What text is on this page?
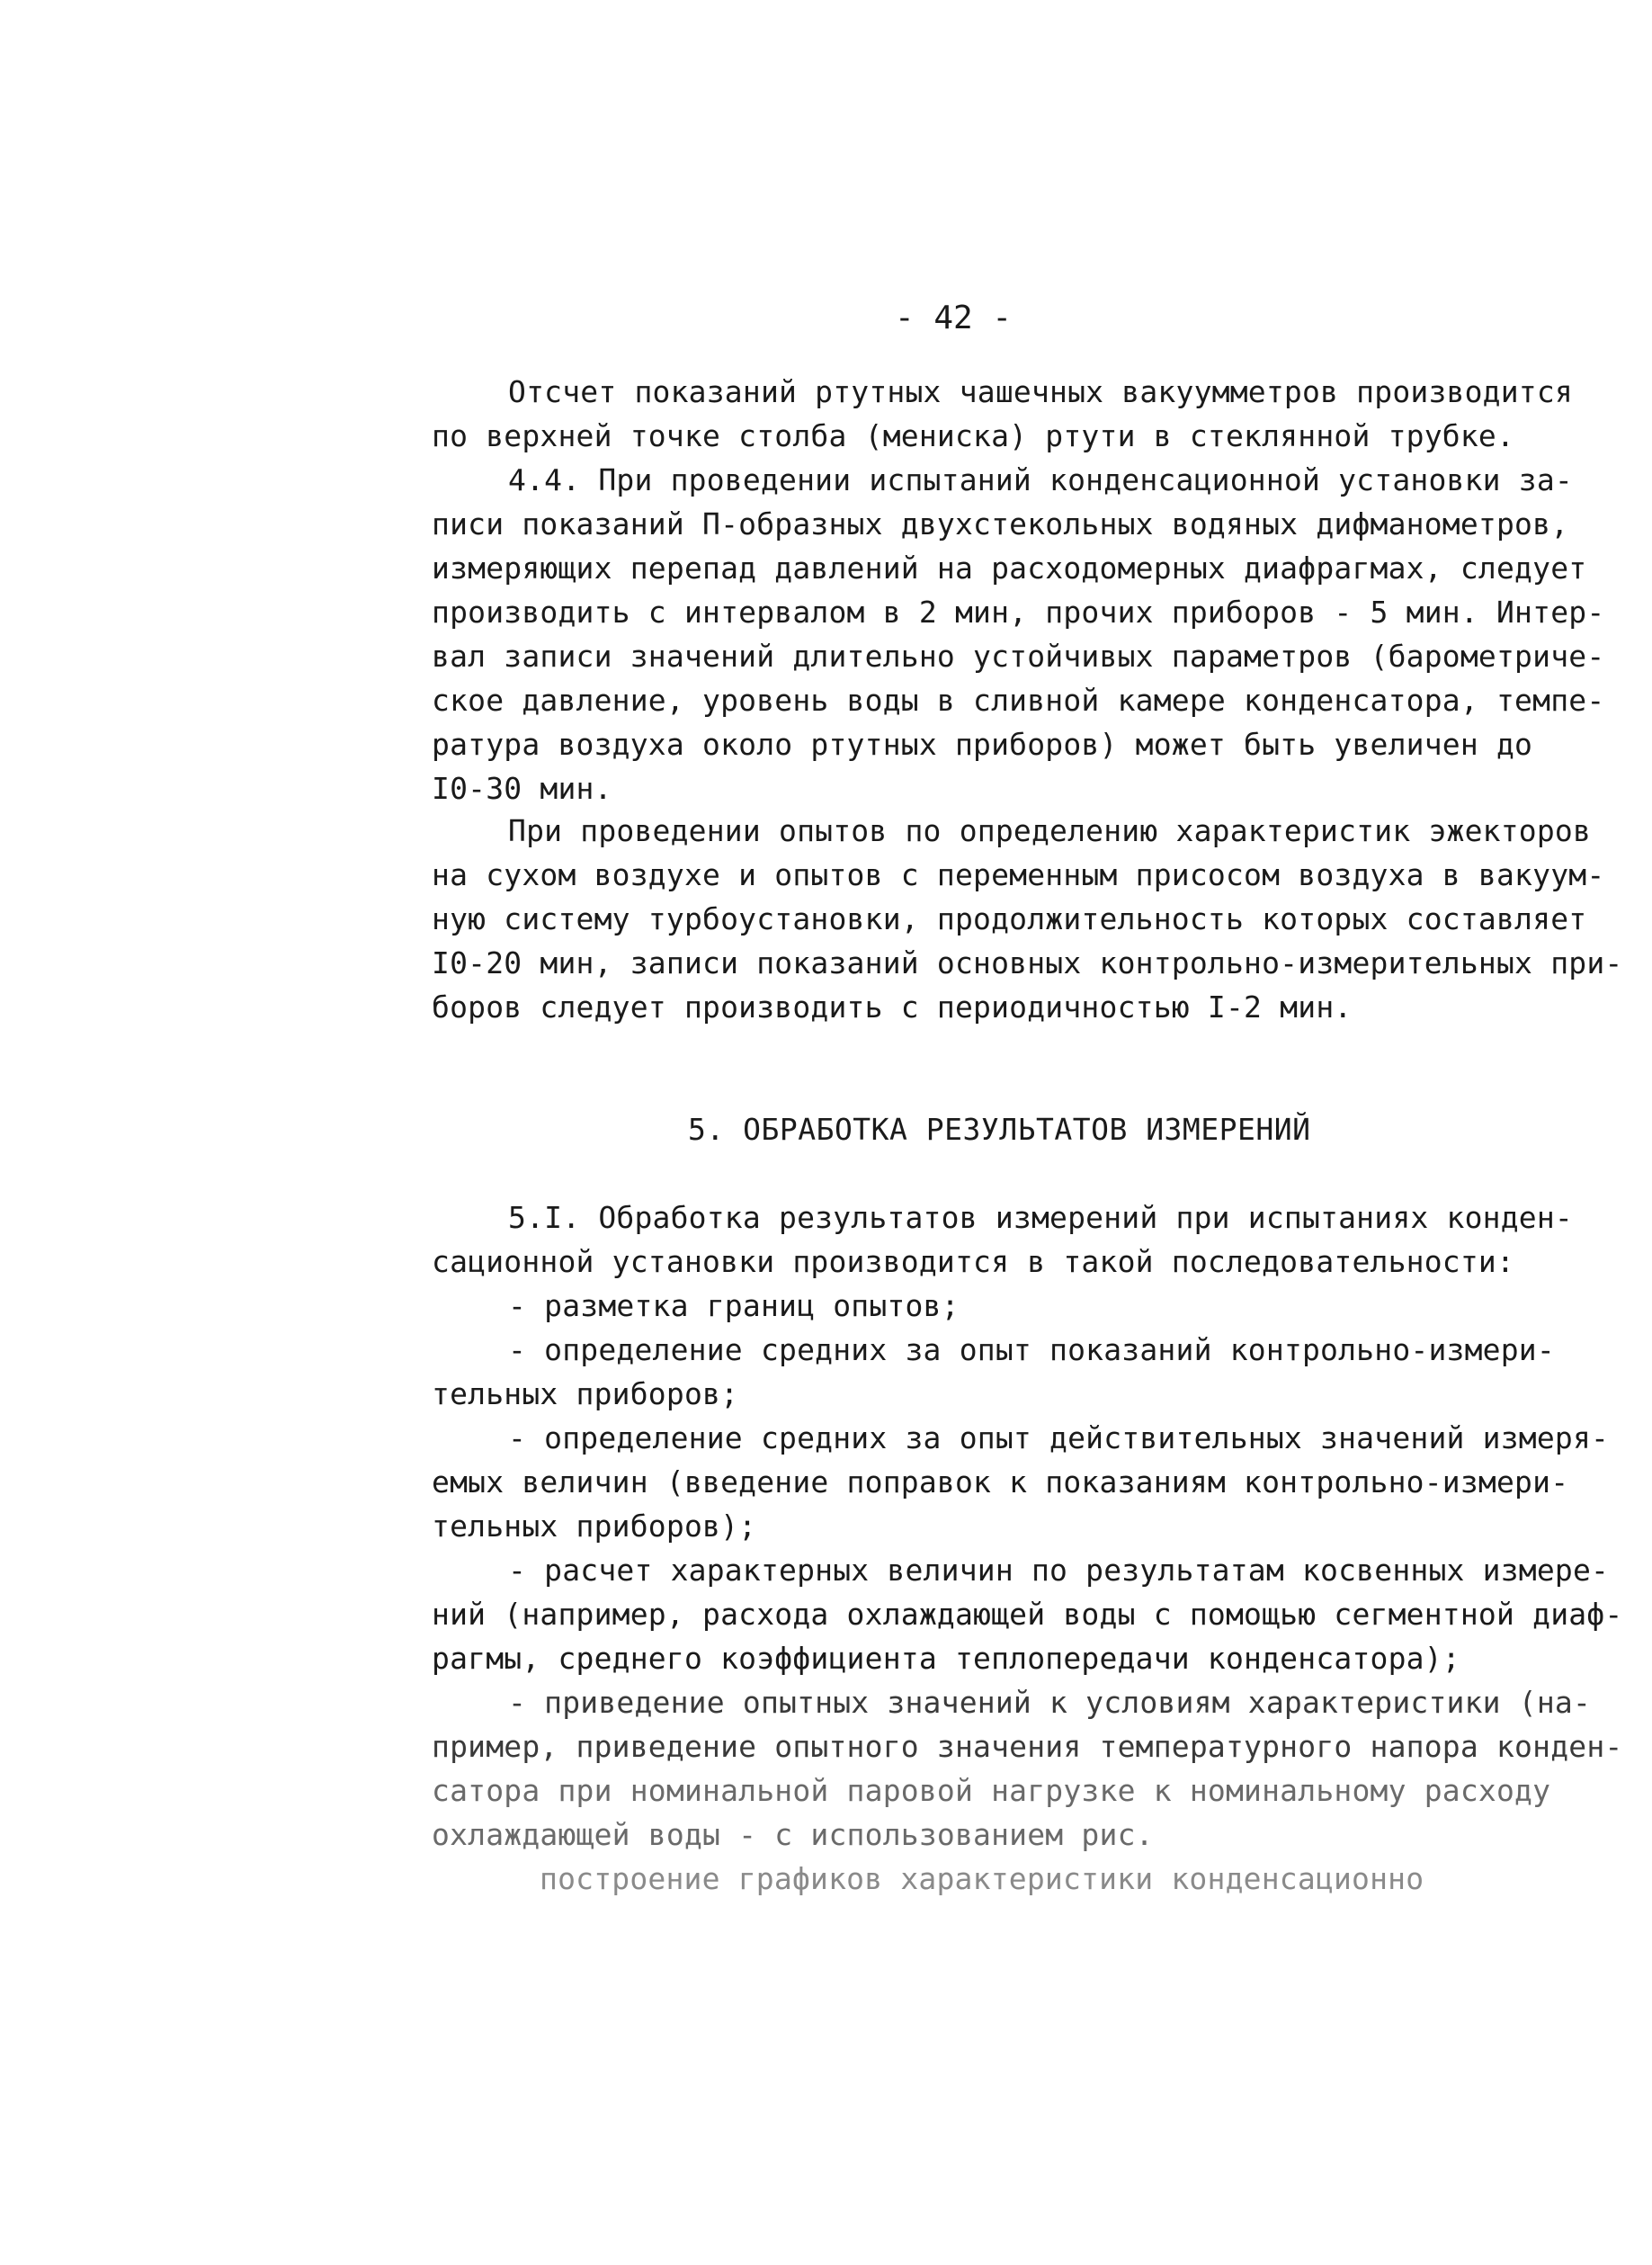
- 42 -
Отсчет показаний ртутных чашечных вакуумметров производится
по верхней точке столба (мениска) ртути в стеклянной трубке.
4.4. При проведении испытаний конденсационной установки за-
писи показаний П-образных двухстекольных водяных дифманометров,
измеряющих перепад давлений на расходомерных диафрагмах, следует
производить с интервалом в 2 мин, прочих приборов - 5 мин. Интер-
вал записи значений длительно устойчивых параметров (барометриче-
ское давление, уровень воды в сливной камере конденсатора, темпе-
ратура воздуха около ртутных приборов) может быть увеличен до
I0-30 мин.
При проведении опытов по определению характеристик эжекторов
на сухом воздухе и опытов с переменным присосом воздуха в вакуум-
ную систему турбоустановки, продолжительность которых составляет
I0-20 мин, записи показаний основных контрольно-измерительных при-
боров следует производить с периодичностью I-2 мин.
5. ОБРАБОТКА РЕЗУЛЬТАТОВ ИЗМЕРЕНИЙ
5.I. Обработка результатов измерений при испытаниях конден-
сационной установки производится в такой последовательности:
- разметка границ опытов;
- определение средних за опыт показаний контрольно-измери-
тельных приборов;
- определение средних за опыт действительных значений измеря-
емых величин (введение поправок к показаниям контрольно-измери-
тельных приборов);
- расчет характерных величин по результатам косвенных измере-
ний (например, расхода охлаждающей воды с помощью сегментной диаф-
рагмы, среднего коэффициента теплопередачи конденсатора);
- приведение опытных значений к условиям характеристики (на-
пример, приведение опытного значения температурного напора конден-
сатора при номинальной паровой нагрузке к номинальному расходу
охлаждающей воды - с использованием рис.
построение графиков характеристики конденсационно
